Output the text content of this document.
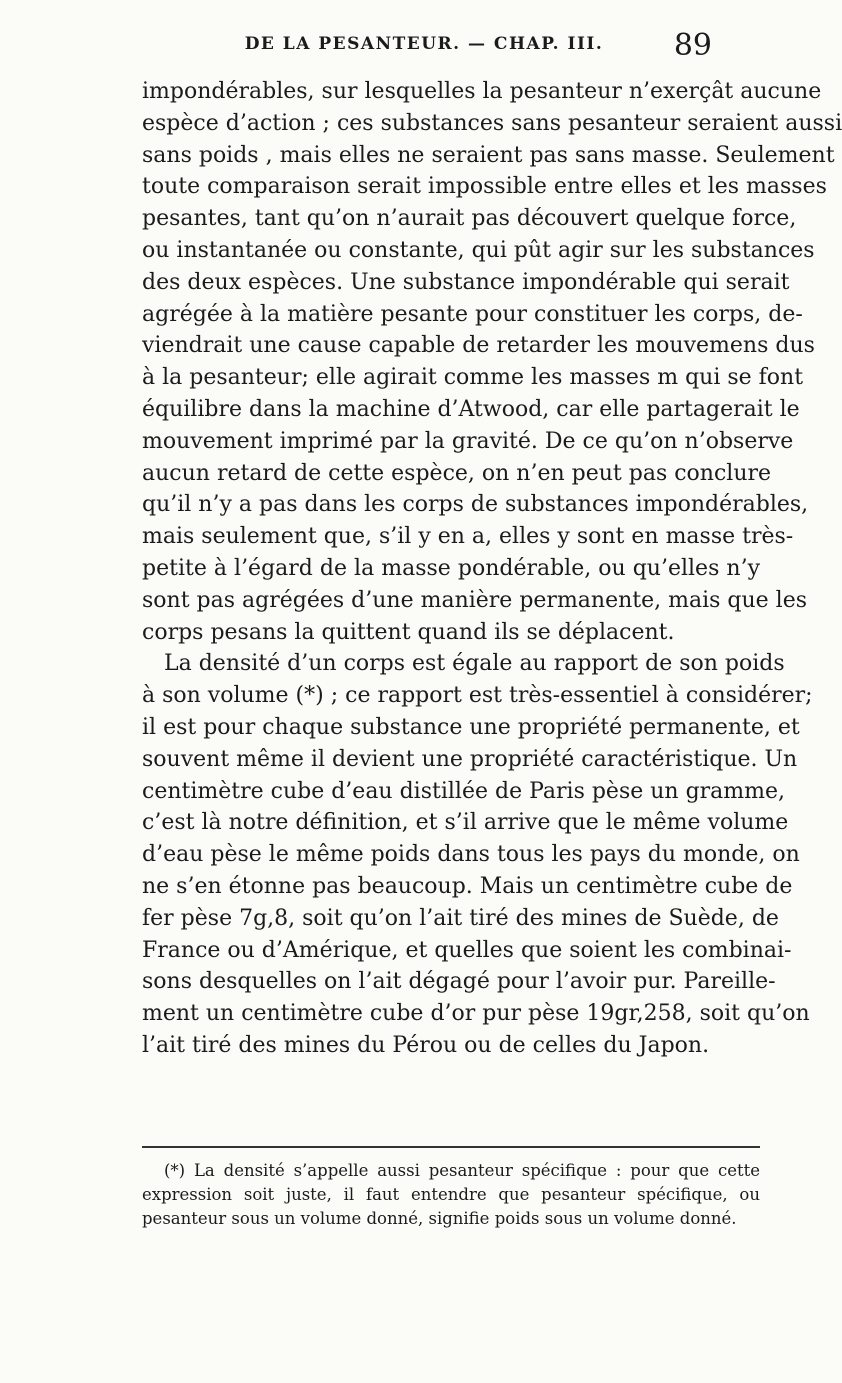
DE LA PESANTEUR. — CHAP. III.	89
impondérables, sur lesquelles la pesanteur n’exerçât aucune
espèce d’action ; ces substances sans pesanteur seraient aussi
sans poids , mais elles ne seraient pas sans masse. Seulement
toute comparaison serait impossible entre elles et les masses
pesantes, tant qu’on n’aurait pas découvert quelque force,
ou instantanée ou constante, qui pût agir sur les substances
des deux espèces. Une substance impondérable qui serait
agrégée à la matière pesante pour constituer les corps, de-
viendrait une cause capable de retarder les mouvemens dus
à la pesanteur; elle agirait comme les masses m qui se font
équilibre dans la machine d’Atwood, car elle partagerait le
mouvement imprimé par la gravité. De ce qu’on n’observe
aucun retard de cette espèce, on n’en peut pas conclure
qu’il n’y a pas dans les corps de substances impondérables,
mais seulement que, s’il y en a, elles y sont en masse très-
petite à l’égard de la masse pondérable, ou qu’elles n’y
sont pas agrégées d’une manière permanente, mais que les
corps pesans la quittent quand ils se déplacent.
La densité d’un corps est égale au rapport de son poids
à son volume (*) ; ce rapport est très-essentiel à considérer;
il est pour chaque substance une propriété permanente, et
souvent même il devient une propriété caractéristique. Un
centimètre cube d’eau distillée de Paris pèse un gramme,
c’est là notre définition, et s’il arrive que le même volume
d’eau pèse le même poids dans tous les pays du monde, on
ne s’en étonne pas beaucoup. Mais un centimètre cube de
fer pèse 7g,8, soit qu’on l’ait tiré des mines de Suède, de
France ou d’Amérique, et quelles que soient les combinai-
sons desquelles on l’ait dégagé pour l’avoir pur. Pareille-
ment un centimètre cube d’or pur pèse 19gr,258, soit qu’on
l’ait tiré des mines du Pérou ou de celles du Japon.
(*) La densité s’appelle aussi pesanteur spécifique : pour que cette
expression soit juste, il faut entendre que pesanteur spécifique, ou
pesanteur sous un volume donné, signifie poids sous un volume donné.
